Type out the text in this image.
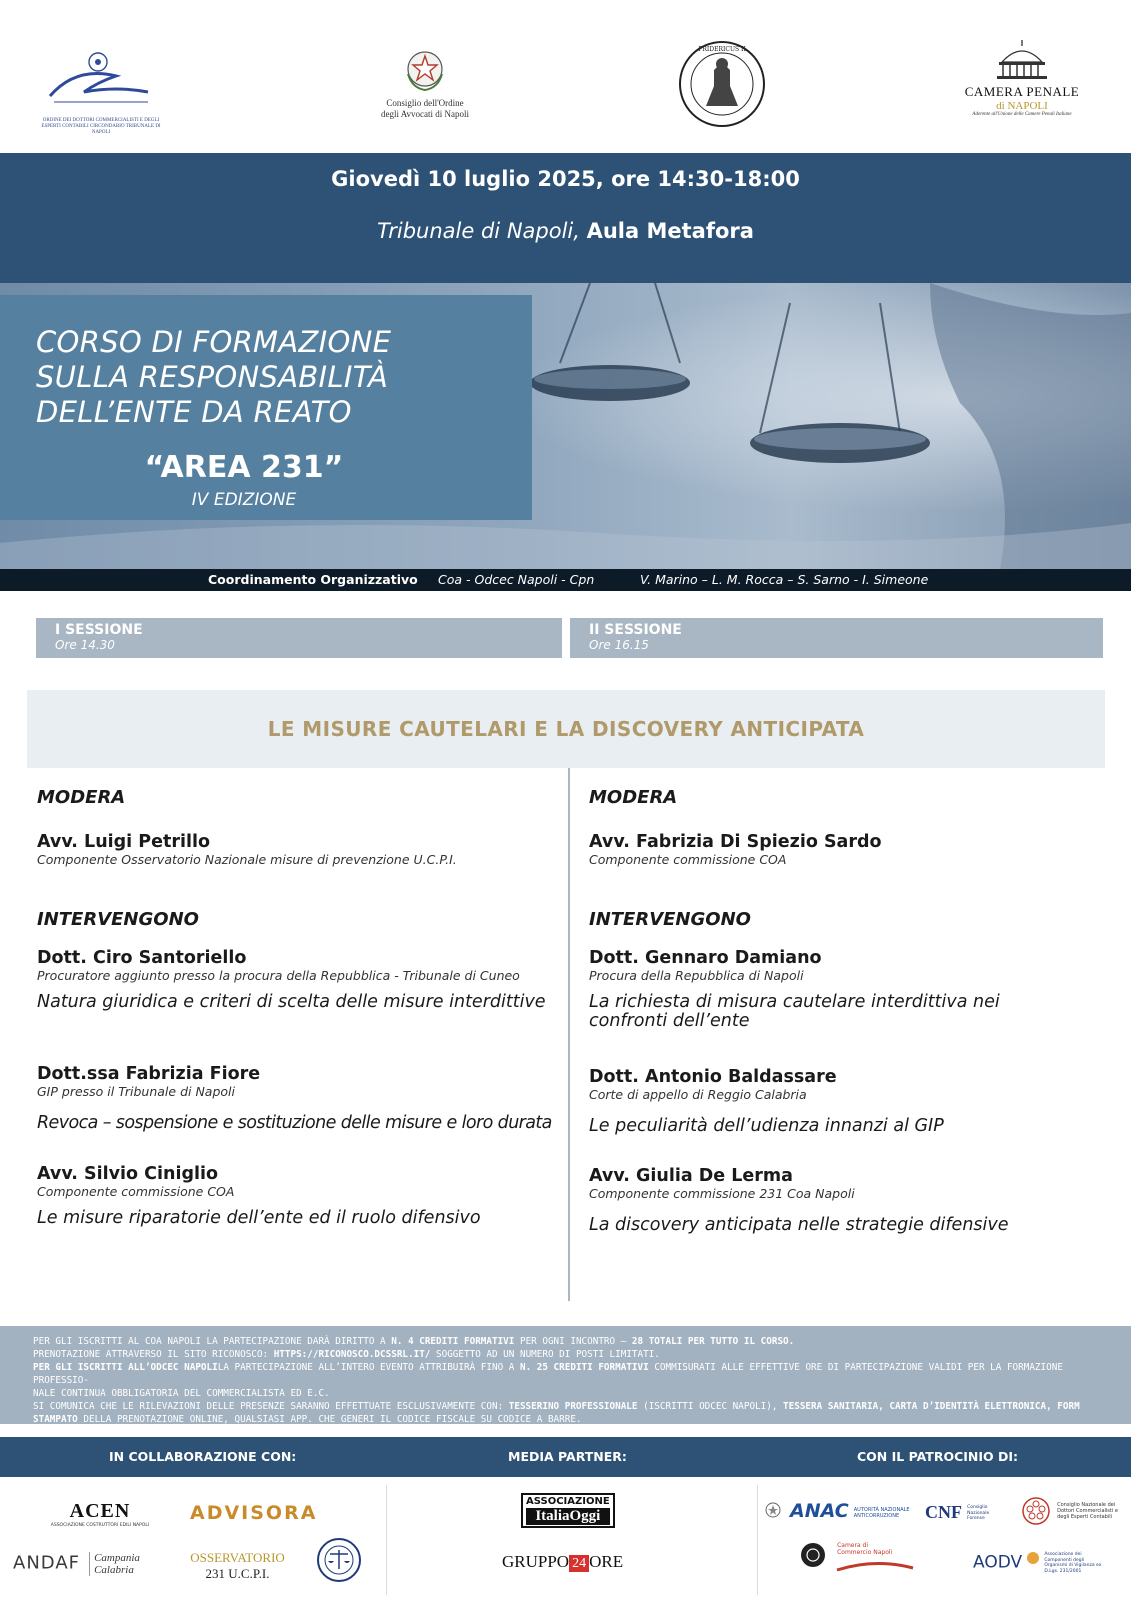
ORDINE DEI DOTTORI COMMERCIALISTI E DEGLI ESPERTI CONTABILI CIRCONDARIO TRIBUNALE DI NAPOLI
Consiglio dell'Ordine
degli Avvocati di Napoli
FRIDERICUS II
CAMERA PENALE
di NAPOLI
Aderente all'Unione delle Camere Penali Italiane
Giovedì 10 luglio 2025, ore 14:30-18:00
Tribunale di Napoli, Aula Metafora
CORSO DI FORMAZIONE
SULLA RESPONSABILITÀ
DELL’ENTE DA REATO
“AREA 231”
IV EDIZIONE
Coordinamento Organizzativo Coa - Odcec Napoli - Cpn	V. Marino – L. M. Rocca – S. Sarno - I. Simeone
I SESSIONE
Ore 14.30
II SESSIONE
Ore 16.15
LE MISURE CAUTELARI E LA DISCOVERY ANTICIPATA
MODERA
Avv. Luigi Petrillo
Componente Osservatorio Nazionale misure di prevenzione U.C.P.I.
INTERVENGONO
Dott. Ciro Santoriello
Procuratore aggiunto presso la procura della Repubblica - Tribunale di Cuneo
Natura giuridica e criteri di scelta delle misure interdittive
Dott.ssa Fabrizia Fiore
GIP presso il Tribunale di Napoli
Revoca – sospensione e sostituzione delle misure e loro durata
Avv. Silvio Ciniglio
Componente commissione COA
Le misure riparatorie dell’ente ed il ruolo difensivo
MODERA
Avv. Fabrizia Di Spiezio Sardo
Componente commissione COA
INTERVENGONO
Dott. Gennaro Damiano
Procura della Repubblica di Napoli
La richiesta di misura cautelare interdittiva nei confronti dell’ente
Dott. Antonio Baldassare
Corte di appello di Reggio Calabria
Le peculiarità dell’udienza innanzi al GIP
Avv. Giulia De Lerma
Componente commissione 231 Coa Napoli
La discovery anticipata nelle strategie difensive
PER GLI ISCRITTI AL COA NAPOLI LA PARTECIPAZIONE DARÀ DIRITTO A N. 4 CREDITI FORMATIVI PER OGNI INCONTRO – 28 TOTALI PER TUTTO IL CORSO.
PRENOTAZIONE ATTRAVERSO IL SITO RICONOSCO: HTTPS://RICONOSCO.DCSSRL.IT/ SOGGETTO AD UN NUMERO DI POSTI LIMITATI.
PER GLI ISCRITTI ALL’ODCEC NAPOLILA PARTECIPAZIONE ALL’INTERO EVENTO ATTRIBUIRÀ FINO A N. 25 CREDITI FORMATIVI COMMISURATI ALLE EFFETTIVE ORE DI PARTECIPAZIONE VALIDI PER LA FORMAZIONE PROFESSIO-
NALE CONTINUA OBBLIGATORIA DEL COMMERCIALISTA ED E.C.
SI COMUNICA CHE LE RILEVAZIONI DELLE PRESENZE SARANNO EFFETTUATE ESCLUSIVAMENTE CON: TESSERINO PROFESSIONALE (ISCRITTI ODCEC NAPOLI), TESSERA SANITARIA, CARTA D’IDENTITÀ ELETTRONICA, FORM
STAMPATO DELLA PRENOTAZIONE ONLINE, QUALSIASI APP. CHE GENERI IL CODICE FISCALE SU CODICE A BARRE.
IN COLLABORAZIONE CON:	MEDIA PARTNER:	CON IL PATROCINIO DI:
ACEN
ASSOCIAZIONE COSTRUTTORI EDILI NAPOLI
ADVISORA
ANDAF Campania
Calabria
OSSERVATORIO
231 U.C.P.I.
ASSOCIAZIONE
ItaliaOggi
GRUPPO 24 ORE
ANAC AUTORITÀ NAZIONALE ANTICORRUZIONE	CNF Consiglio Nazionale Forense
Consiglio Nazionale dei Dottori Commercialisti e degli Esperti Contabili

Camera di Commercio Napoli	AODV	Associazione dei Componenti degli Organismi di Vigilanza ex D.Lgs. 231/2001
